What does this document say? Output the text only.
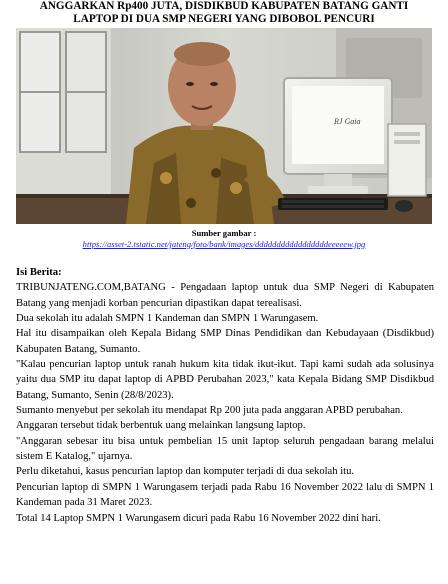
ANGGARKAN Rp400 JUTA, DISDIKBUD KABUPATEN BATANG GANTI
LAPTOP DI DUA SMP NEGERI YANG DIBOBOL PENCURI
RJ Gaia
Sumber gambar :
https://asset-2.tstatic.net/jateng/foto/bank/images/dddddddddddddddddeeeeew.jpg

Isi Berita:

TRIBUNJATENG.COM,BATANG - Pengadaan laptop untuk dua SMP Negeri di Kabupaten Batang yang menjadi korban pencurian dipastikan dapat terealisasi.

Dua sekolah itu adalah SMPN 1 Kandeman dan SMPN 1 Warungasem.

Hal itu disampaikan oleh Kepala Bidang SMP Dinas Pendidikan dan Kebudayaan (Disdikbud) Kabupaten Batang, Sumanto.

"Kalau pencurian laptop untuk ranah hukum kita tidak ikut-ikut. Tapi kami sudah ada solusinya yaitu dua SMP itu dapat laptop di APBD Perubahan 2023," kata Kepala Bidang SMP Disdikbud Batang, Sumanto, Senin (28/8/2023).

Sumanto menyebut per sekolah itu mendapat Rp 200 juta pada anggaran APBD perubahan.

Anggaran tersebut tidak berbentuk uang melainkan langsung laptop.

"Anggaran sebesar itu bisa untuk pembelian 15 unit laptop seluruh pengadaan barang melalui sistem E Katalog," ujarnya.

Perlu diketahui, kasus pencurian laptop dan komputer terjadi di dua sekolah itu.

Pencurian laptop di SMPN 1 Warungasem terjadi pada Rabu 16 November 2022 lalu di SMPN 1 Kandeman pada 31 Maret 2023.

Total 14 Laptop SMPN 1 Warungasem dicuri pada Rabu 16 November 2022 dini hari.
